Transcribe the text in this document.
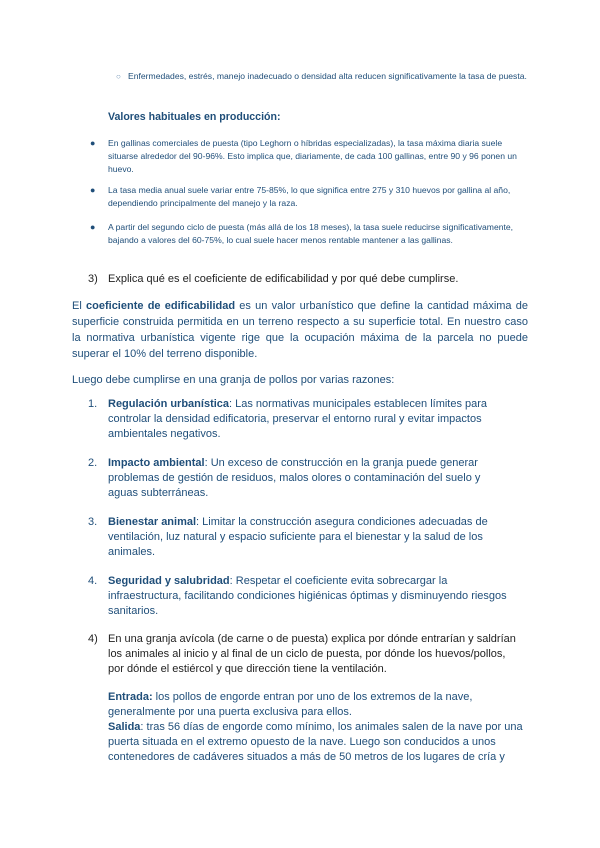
○ Enfermedades, estrés, manejo inadecuado o densidad alta reducen significativamente la tasa de puesta.
Valores habituales en producción:
● En gallinas comerciales de puesta (tipo Leghorn o híbridas especializadas), la tasa máxima diaria suele situarse alrededor del 90-96%. Esto implica que, diariamente, de cada 100 gallinas, entre 90 y 96 ponen un huevo.
● La tasa media anual suele variar entre 75-85%, lo que significa entre 275 y 310 huevos por gallina al año, dependiendo principalmente del manejo y la raza.
● A partir del segundo ciclo de puesta (más allá de los 18 meses), la tasa suele reducirse significativamente, bajando a valores del 60-75%, lo cual suele hacer menos rentable mantener a las gallinas.
3) Explica qué es el coeficiente de edificabilidad y por qué debe cumplirse.
El coeficiente de edificabilidad es un valor urbanístico que define la cantidad máxima de superficie construida permitida en un terreno respecto a su superficie total. En nuestro caso la normativa urbanística vigente rige que la ocupación máxima de la parcela no puede superar el 10% del terreno disponible.
Luego debe cumplirse en una granja de pollos por varias razones:
1. Regulación urbanística: Las normativas municipales establecen límites para controlar la densidad edificatoria, preservar el entorno rural y evitar impactos ambientales negativos.
2. Impacto ambiental: Un exceso de construcción en la granja puede generar problemas de gestión de residuos, malos olores o contaminación del suelo y aguas subterráneas.
3. Bienestar animal: Limitar la construcción asegura condiciones adecuadas de ventilación, luz natural y espacio suficiente para el bienestar y la salud de los animales.
4. Seguridad y salubridad: Respetar el coeficiente evita sobrecargar la infraestructura, facilitando condiciones higiénicas óptimas y disminuyendo riesgos sanitarios.
4) En una granja avícola (de carne o de puesta) explica por dónde entrarían y saldrían los animales al inicio y al final de un ciclo de puesta, por dónde los huevos/pollos, por dónde el estiércol y que dirección tiene la ventilación.
Entrada: los pollos de engorde entran por uno de los extremos de la nave, generalmente por una puerta exclusiva para ellos.
Salida: tras 56 días de engorde como mínimo, los animales salen de la nave por una puerta situada en el extremo opuesto de la nave. Luego son conducidos a unos contenedores de cadáveres situados a más de 50 metros de los lugares de cría y
